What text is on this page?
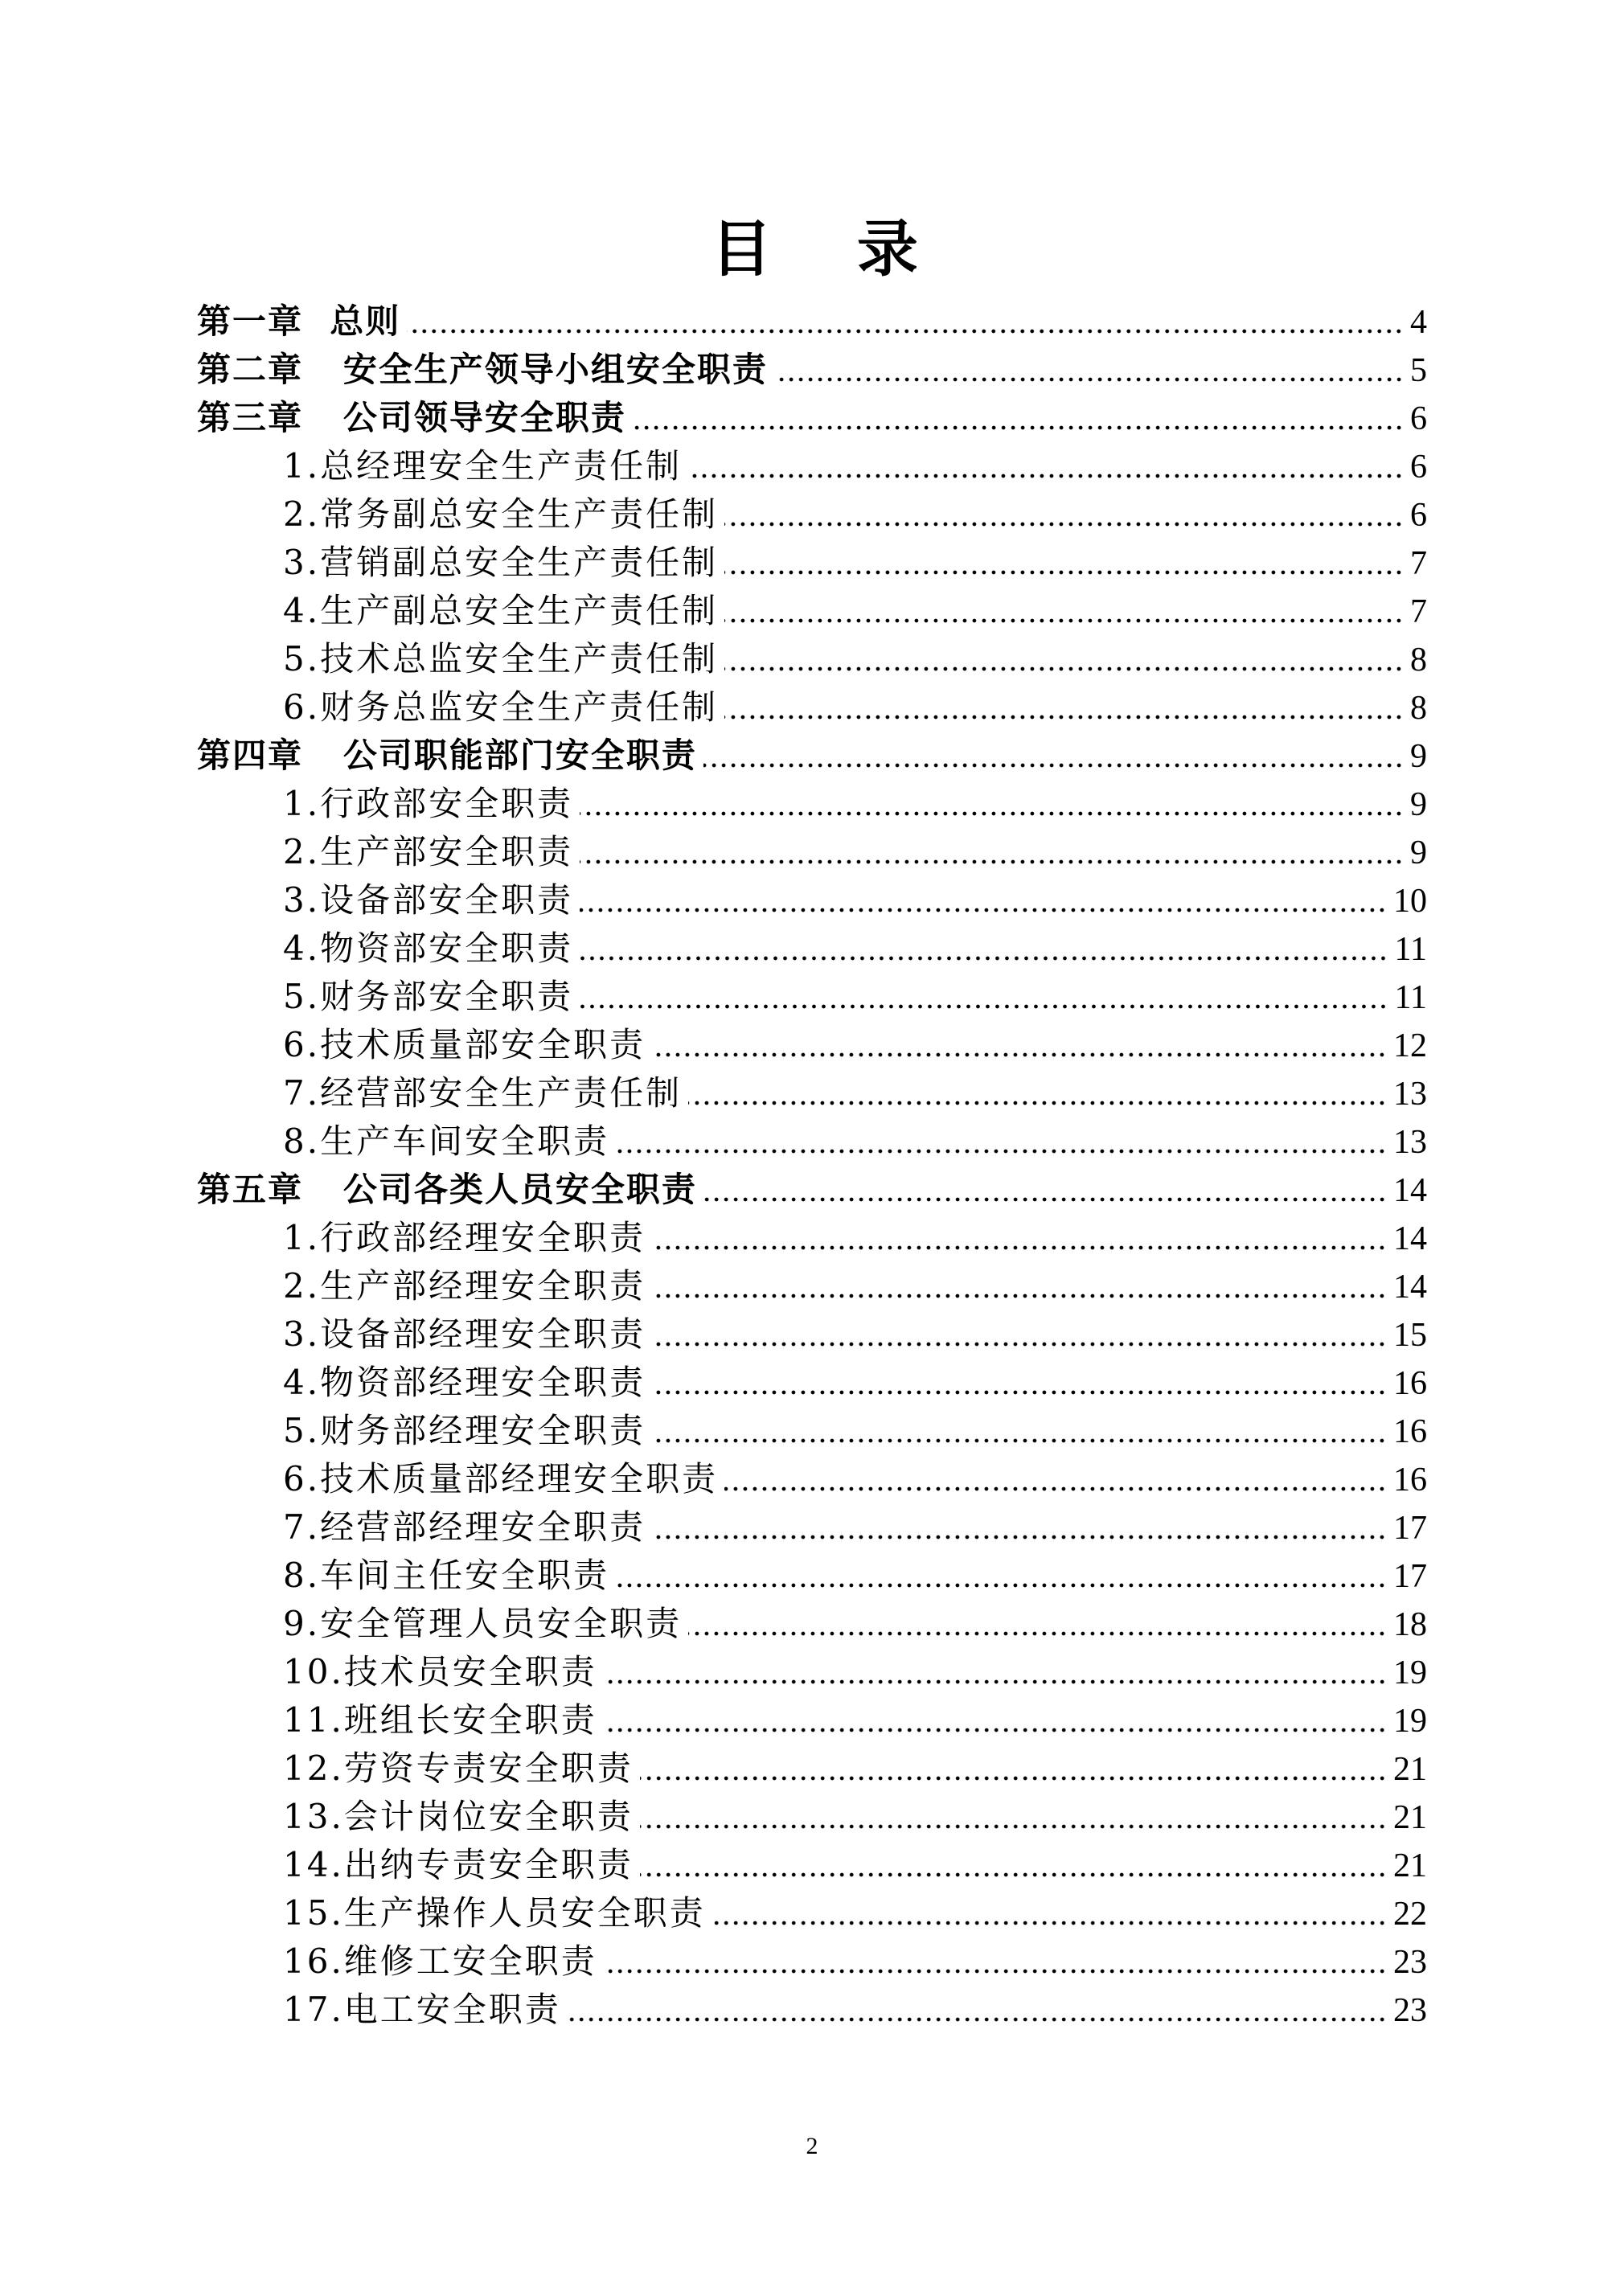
目    录
第一章  总则	4
第二章   安全生产领导小组安全职责	5
第三章   公司领导安全职责	6
1.总经理安全生产责任制	6
2.常务副总安全生产责任制	6
3.营销副总安全生产责任制	7
4.生产副总安全生产责任制	7
5.技术总监安全生产责任制	8
6.财务总监安全生产责任制	8
第四章   公司职能部门安全职责	9
1.行政部安全职责	9
2.生产部安全职责	9
3.设备部安全职责	10
4.物资部安全职责	11
5.财务部安全职责	11
6.技术质量部安全职责	12
7.经营部安全生产责任制	13
8.生产车间安全职责	13
第五章   公司各类人员安全职责	14
1.行政部经理安全职责	14
2.生产部经理安全职责	14
3.设备部经理安全职责	15
4.物资部经理安全职责	16
5.财务部经理安全职责	16
6.技术质量部经理安全职责	16
7.经营部经理安全职责	17
8.车间主任安全职责	17
9.安全管理人员安全职责	18
10.技术员安全职责	19
11.班组长安全职责	19
12.劳资专责安全职责	21
13.会计岗位安全职责	21
14.出纳专责安全职责	21
15.生产操作人员安全职责	22
16.维修工安全职责	23
17.电工安全职责	23
2
